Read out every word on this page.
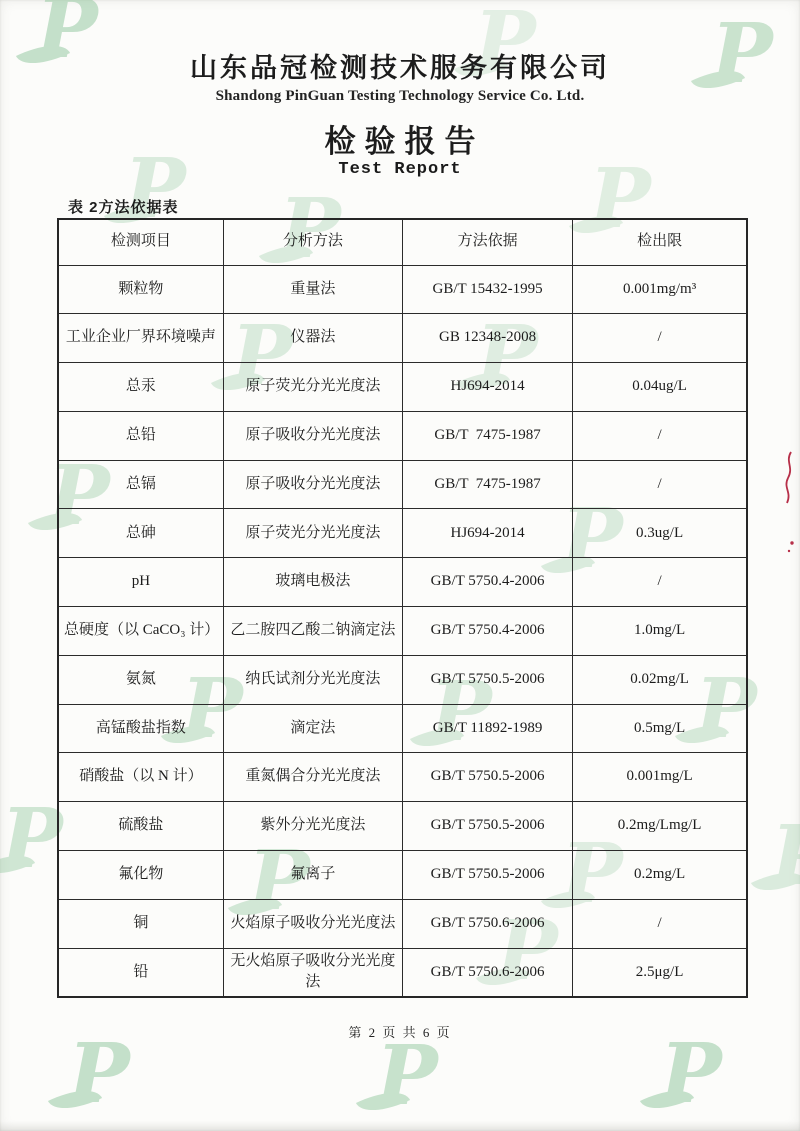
P
P
P
P
P
P
P
P
P
P
P
P
P
P
P
P
P
P
P
P
P
山东品冠检测技术服务有限公司
Shandong PinGuan Testing Technology Service Co. Ltd.
检验报告
Test Report
表 2方法依据表
检测项目	分析方法	方法依据	检出限
颗粒物	重量法	GB/T 15432-1995	0.001mg/m³
工业企业厂界环境噪声	仪器法	GB 12348-2008	/
总汞	原子荧光分光光度法	HJ694-2014	0.04ug/L
总铅	原子吸收分光光度法	GB/T  7475-1987	/
总镉	原子吸收分光光度法	GB/T  7475-1987	/
总砷	原子荧光分光光度法	HJ694-2014	0.3ug/L
pH	玻璃电极法	GB/T 5750.4-2006	/
总硬度（以 CaCO₃ 计）	乙二胺四乙酸二钠滴定法	GB/T 5750.4-2006	1.0mg/L
氨氮	纳氏试剂分光光度法	GB/T 5750.5-2006	0.02mg/L
高锰酸盐指数	滴定法	GB/T 11892-1989	0.5mg/L
硝酸盐（以 N 计）	重氮偶合分光光度法	GB/T 5750.5-2006	0.001mg/L
硫酸盐	紫外分光光度法	GB/T 5750.5-2006	0.2mg/Lmg/L
氟化物	氟离子	GB/T 5750.5-2006	0.2mg/L
铜	火焰原子吸收分光光度法	GB/T 5750.6-2006	/
铅	无火焰原子吸收分光光度法	GB/T 5750.6-2006	2.5μg/L
第 2 页 共 6 页
